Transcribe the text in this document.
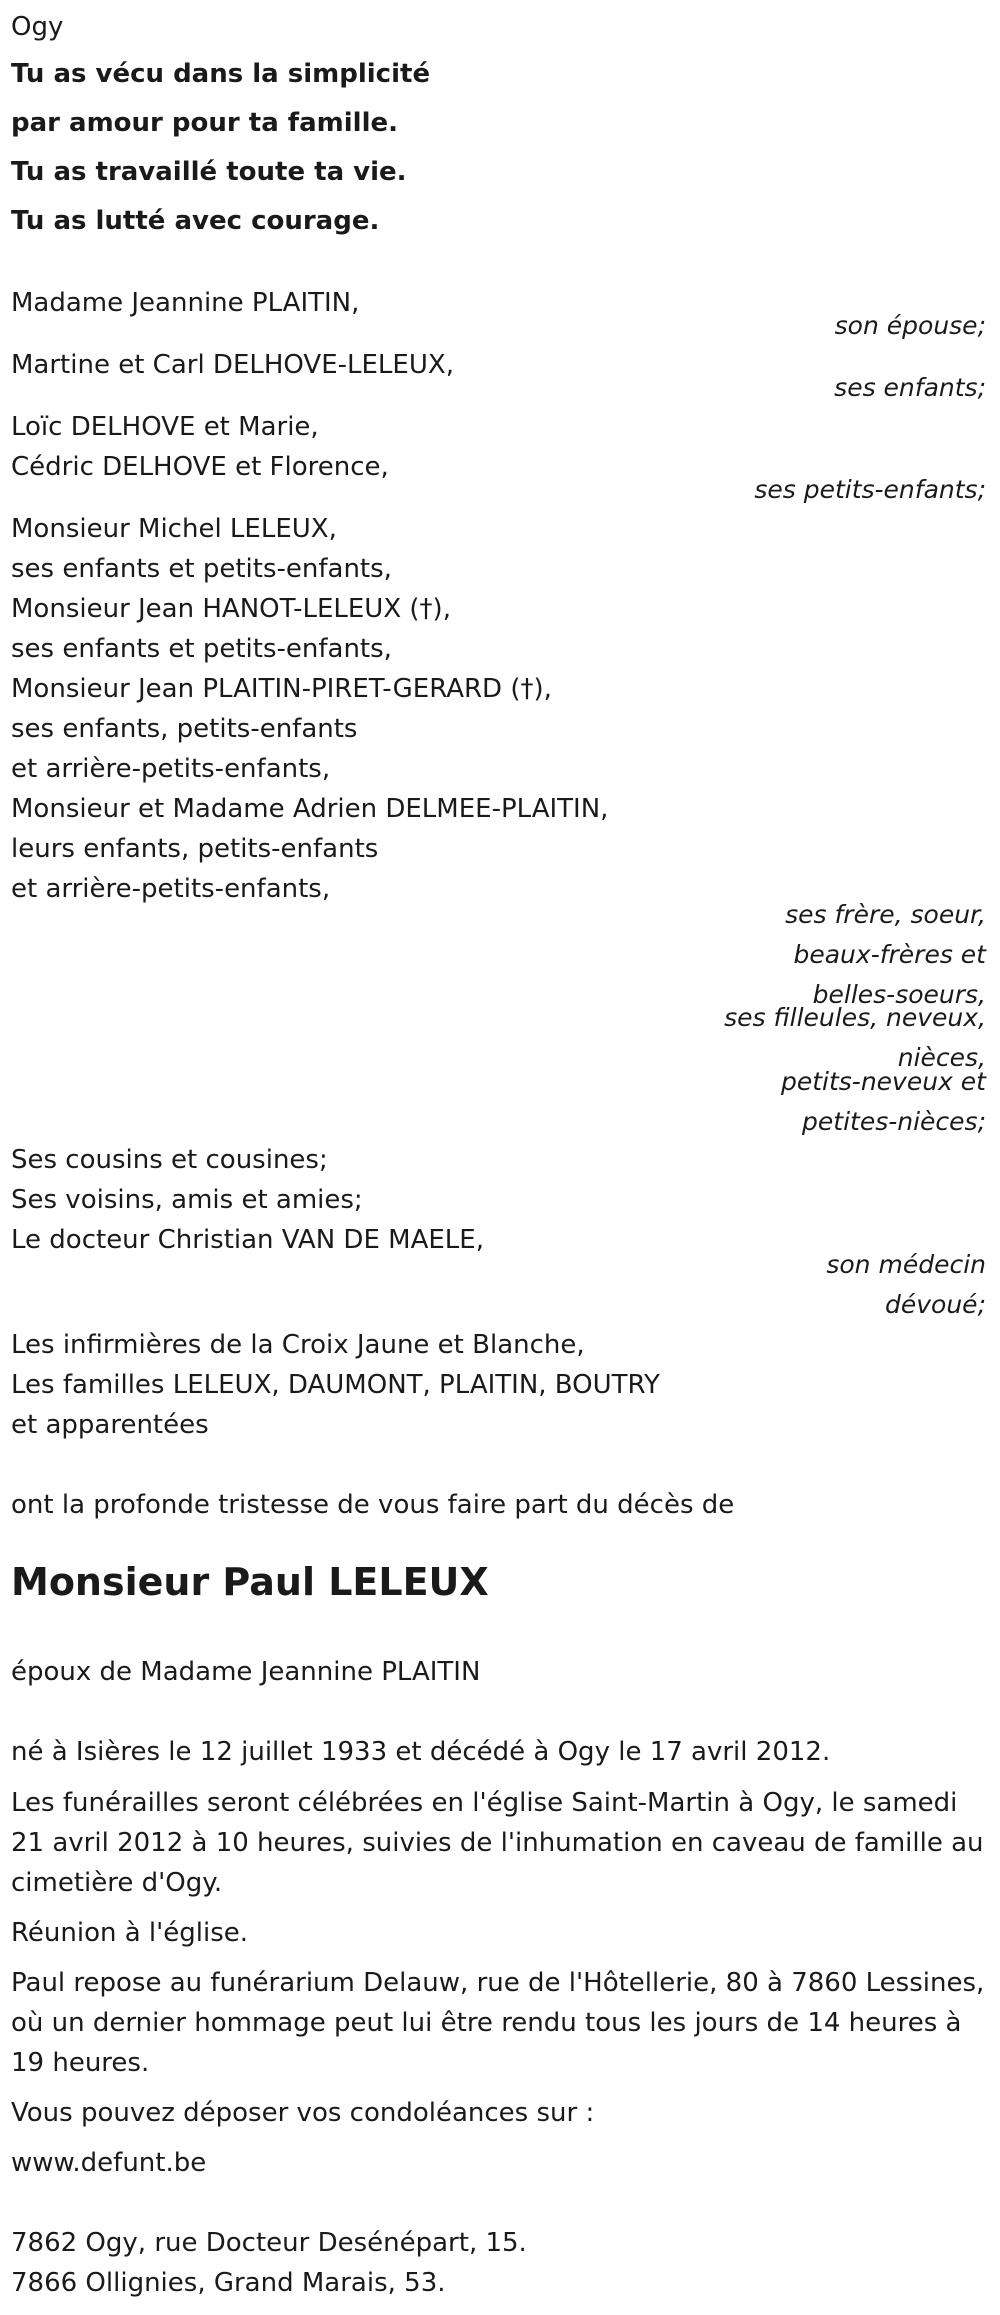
Ogy
Tu as vécu dans la simplicité
par amour pour ta famille.
Tu as travaillé toute ta vie.
Tu as lutté avec courage.
Madame Jeannine PLAITIN,
son épouse;
Martine et Carl DELHOVE-LELEUX,
ses enfants;
Loïc DELHOVE et Marie,
Cédric DELHOVE et Florence,
ses petits-enfants;
Monsieur Michel LELEUX,
ses enfants et petits-enfants,
Monsieur Jean HANOT-LELEUX (†),
ses enfants et petits-enfants,
Monsieur Jean PLAITIN-PIRET-GERARD (†),
ses enfants, petits-enfants
et arrière-petits-enfants,
Monsieur et Madame Adrien DELMEE-PLAITIN,
leurs enfants, petits-enfants
et arrière-petits-enfants,
ses frère, soeur,
beaux-frères et
belles-soeurs,
ses filleules, neveux,
nièces,
petits-neveux et
petites-nièces;
Ses cousins et cousines;
Ses voisins, amis et amies;
Le docteur Christian VAN DE MAELE,
son médecin
dévoué;
Les infirmières de la Croix Jaune et Blanche,
Les familles LELEUX, DAUMONT, PLAITIN, BOUTRY
et apparentées
ont la profonde tristesse de vous faire part du décès de
Monsieur Paul LELEUX
époux de Madame Jeannine PLAITIN
né à Isières le 12 juillet 1933 et décédé à Ogy le 17 avril 2012.
Les funérailles seront célébrées en l'église Saint-Martin à Ogy, le samedi 21 avril 2012 à 10 heures, suivies de l'inhumation en caveau de famille au cimetière d'Ogy.
Réunion à l'église.
Paul repose au funérarium Delauw, rue de l'Hôtellerie, 80 à 7860 Lessines, où un dernier hommage peut lui être rendu tous les jours de 14 heures à 19 heures.
Vous pouvez déposer vos condoléances sur :
www.defunt.be
7862 Ogy, rue Docteur Desénépart, 15.
7866 Ollignies, Grand Marais, 53.
